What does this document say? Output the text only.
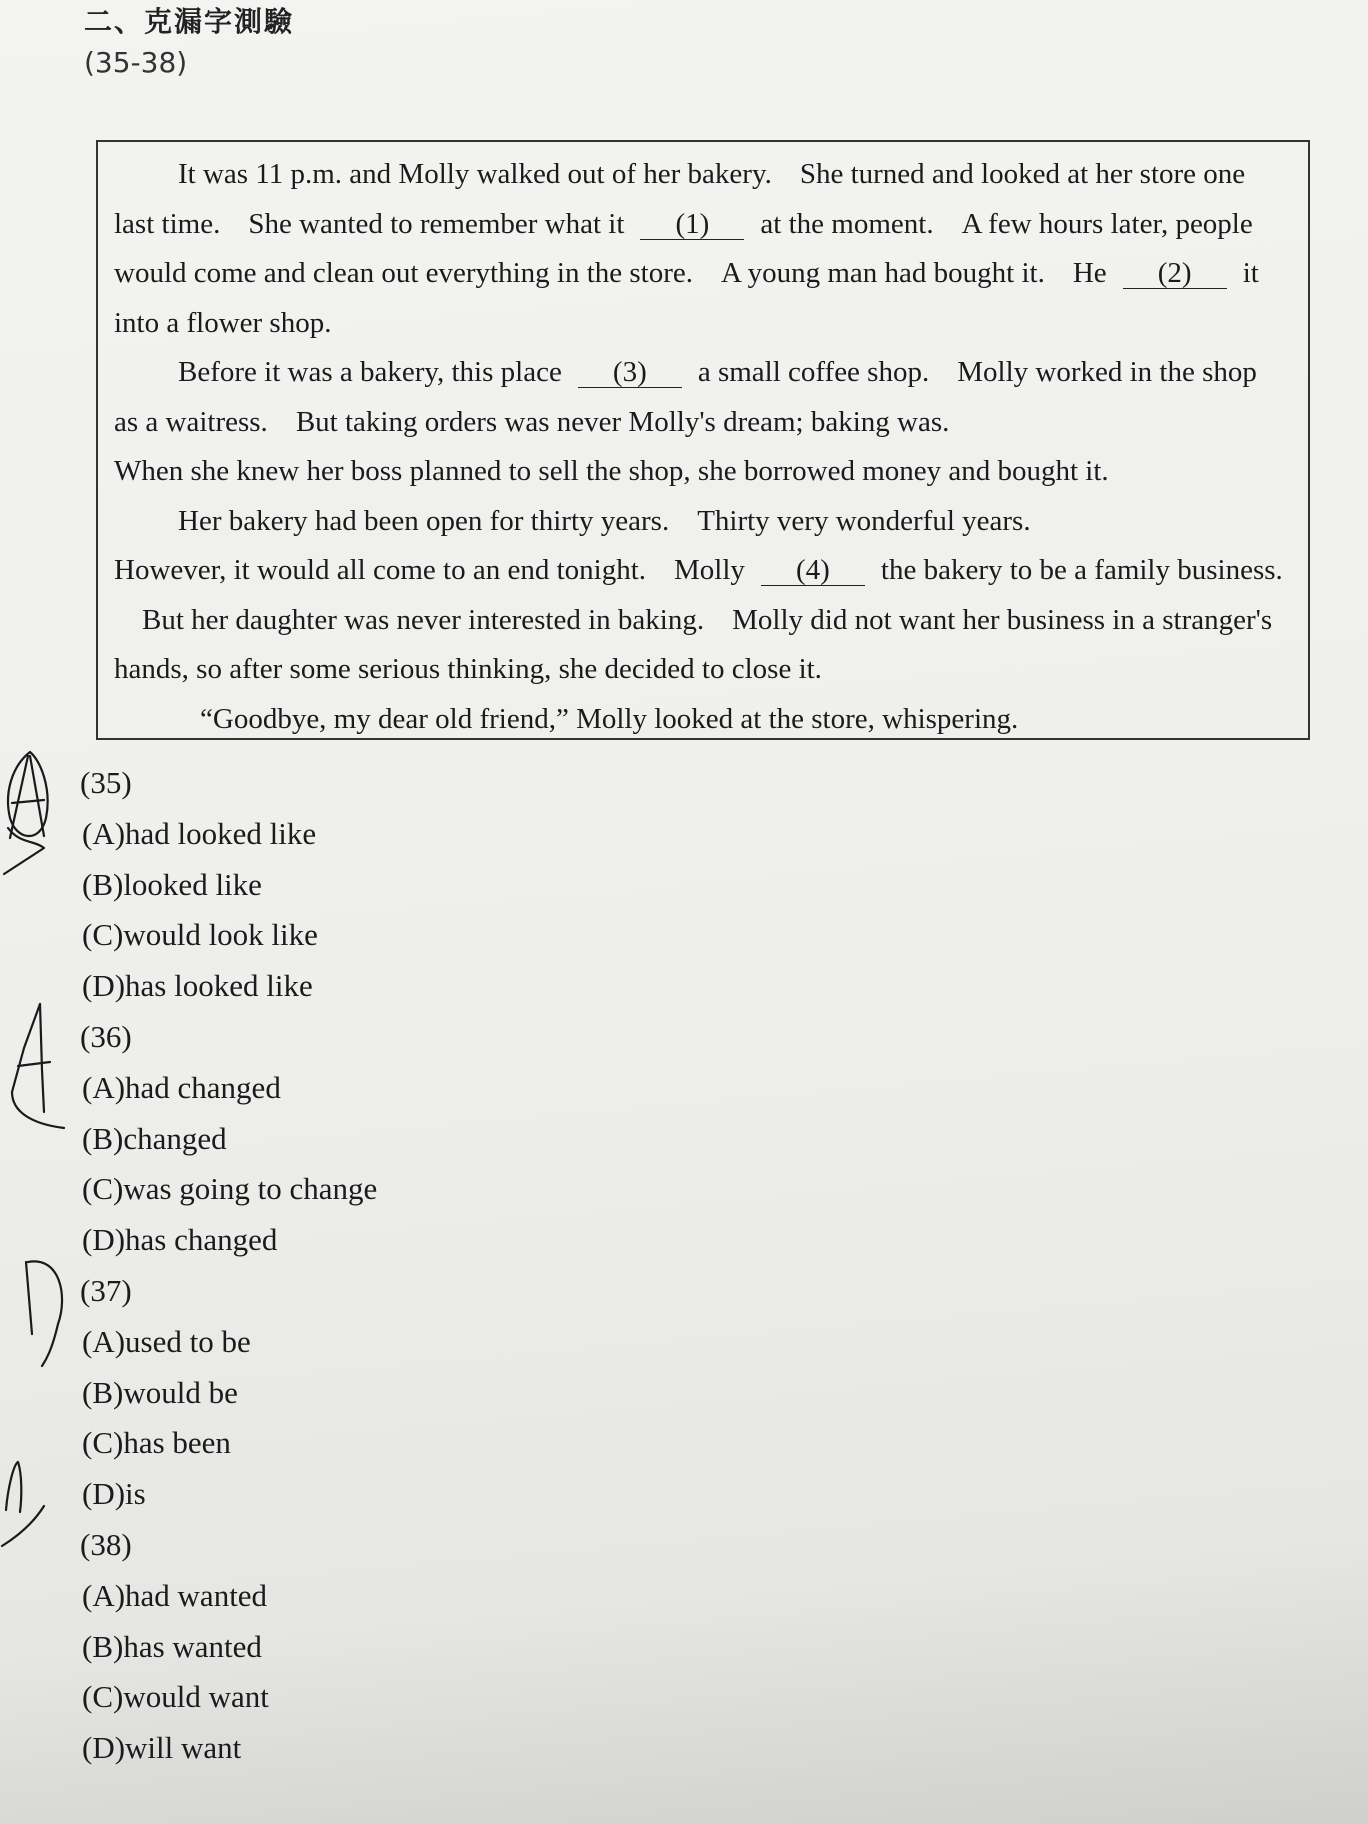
二、克漏字測驗
(35-38)

It was 11 p.m. and Molly walked out of her bakery. She turned and looked at her store one last time. She wanted to remember what it (1) at the moment. A few hours later, people would come and clean out everything in the store. A young man had bought it. He (2) it into a flower shop.

Before it was a bakery, this place (3) a small coffee shop. Molly worked in the shop as a waitress. But taking orders was never Molly's dream; baking was.
When she knew her boss planned to sell the shop, she borrowed money and bought it.

Her bakery had been open for thirty years. Thirty very wonderful years.
However, it would all come to an end tonight. Molly (4) the bakery to be a family business.But her daughter was never interested in baking. Molly did not want her business in a stranger's hands, so after some serious thinking, she decided to close it.

“Goodbye, my dear old friend,” Molly looked at the store, whispering.

(35)
(A)had looked like
(B)looked like
(C)would look like
(D)has looked like
(36)
(A)had changed
(B)changed
(C)was going to change
(D)has changed
(37)
(A)used to be
(B)would be
(C)has been
(D)is
(38)
(A)had wanted
(B)has wanted
(C)would want
(D)will want
